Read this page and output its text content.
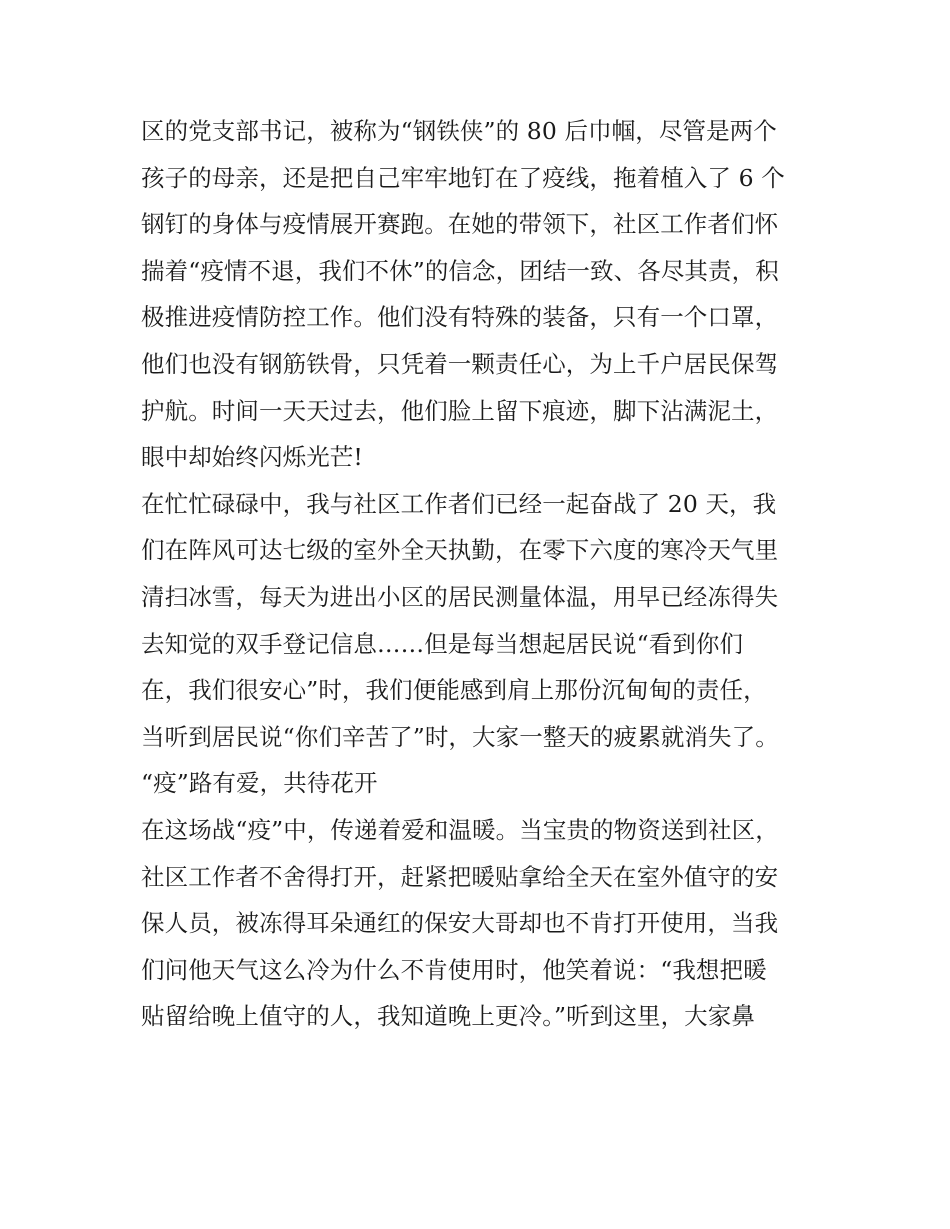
区的党支部书记，被称为“钢铁侠”的 80 后巾帼，尽管是两个
孩子的母亲，还是把自己牢牢地钉在了疫线，拖着植入了 6 个
钢钉的身体与疫情展开赛跑。在她的带领下，社区工作者们怀
揣着“疫情不退，我们不休”的信念，团结一致、各尽其责，积
极推进疫情防控工作。他们没有特殊的装备，只有一个口罩，
他们也没有钢筋铁骨，只凭着一颗责任心，为上千户居民保驾
护航。时间一天天过去，他们脸上留下痕迹，脚下沾满泥土，
眼中却始终闪烁光芒!
在忙忙碌碌中，我与社区工作者们已经一起奋战了 20 天，我
们在阵风可达七级的室外全天执勤，在零下六度的寒冷天气里
清扫冰雪，每天为进出小区的居民测量体温，用早已经冻得失
去知觉的双手登记信息……但是每当想起居民说“看到你们
在，我们很安心”时，我们便能感到肩上那份沉甸甸的责任，
当听到居民说“你们辛苦了”时，大家一整天的疲累就消失了。
“疫”路有爱，共待花开
在这场战“疫”中，传递着爱和温暖。当宝贵的物资送到社区，
社区工作者不舍得打开，赶紧把暖贴拿给全天在室外值守的安
保人员，被冻得耳朵通红的保安大哥却也不肯打开使用，当我
们问他天气这么冷为什么不肯使用时，他笑着说：“我想把暖
贴留给晚上值守的人，我知道晚上更冷。”听到这里，大家鼻
